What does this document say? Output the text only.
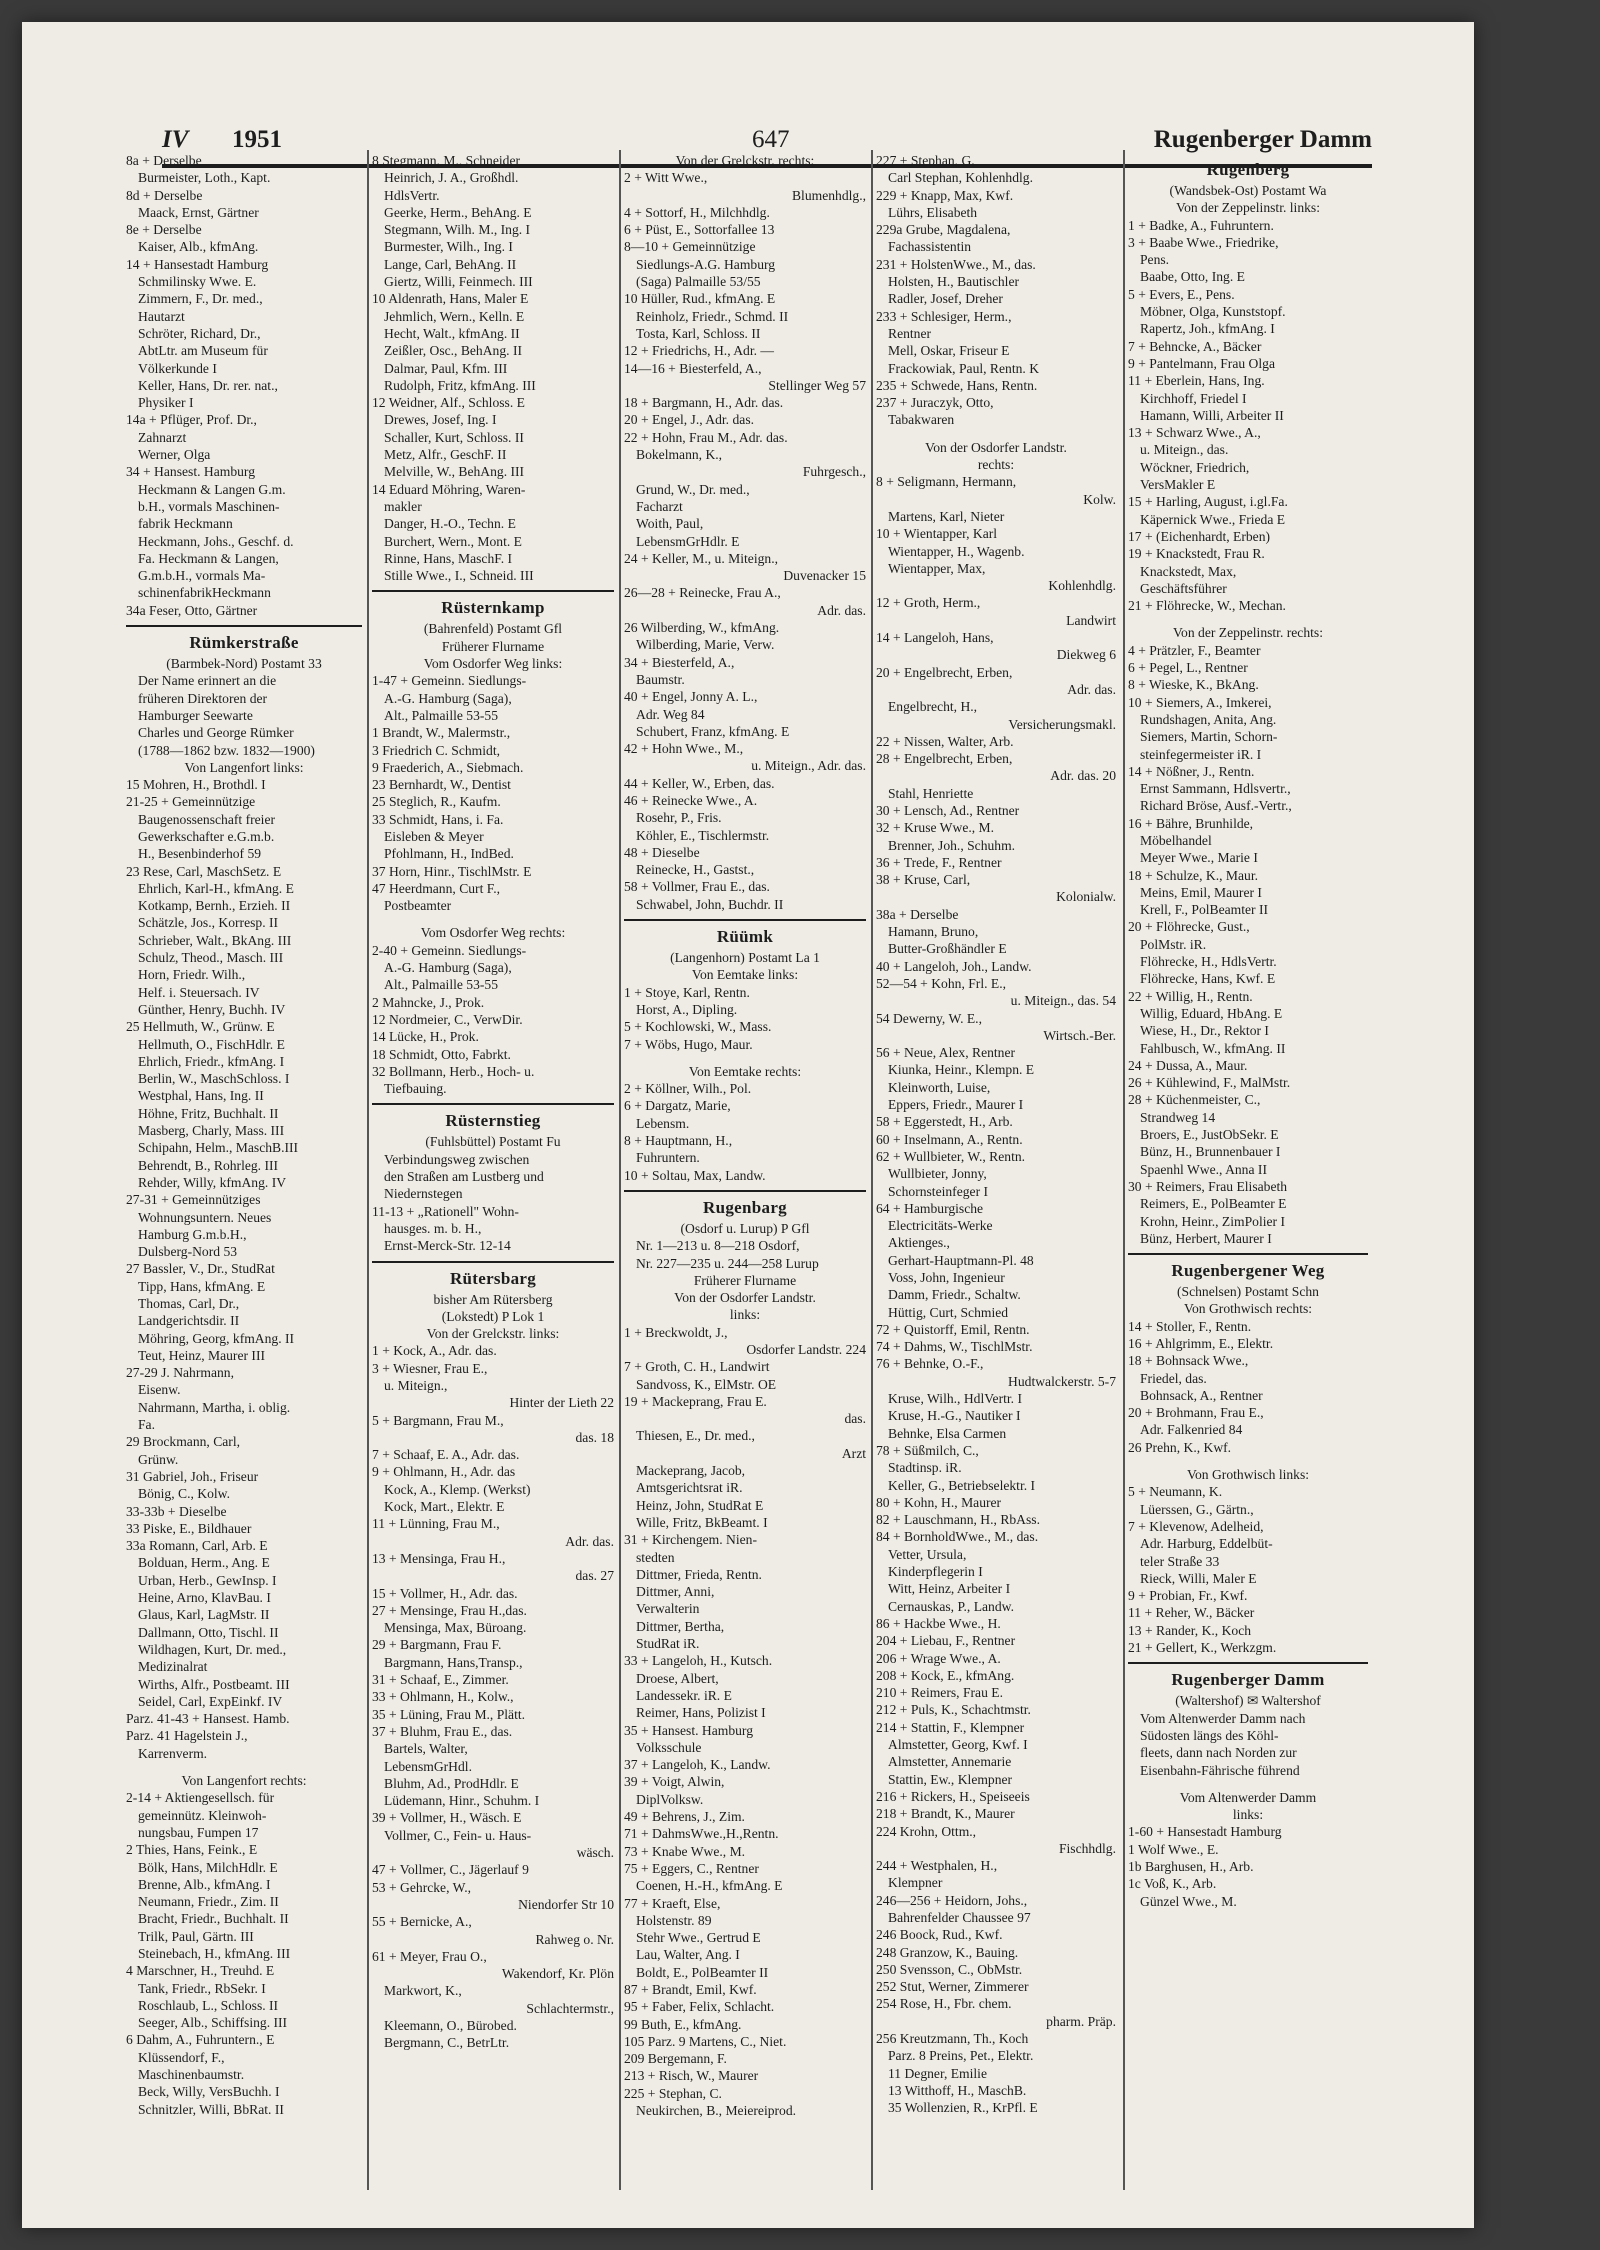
IV 1951	647	Rugenberger Damm
8a + Derselbe
Burmeister, Loth., Kapt.
8d + Derselbe
Maack, Ernst, Gärtner
8e + Derselbe
Kaiser, Alb., kfmAng.
14 + Hansestadt Hamburg
Schmilinsky Wwe. E.
Zimmern, F., Dr. med.,
Hautarzt
Schröter, Richard, Dr.,
AbtLtr. am Museum für
Völkerkunde I
Keller, Hans, Dr. rer. nat.,
Physiker I
14a + Pflüger, Prof. Dr.,
Zahnarzt
Werner, Olga
34 + Hansest. Hamburg
Heckmann & Langen G.m.
b.H., vormals Maschinen-
fabrik Heckmann
Heckmann, Johs., Geschf. d.
Fa. Heckmann & Langen,
G.m.b.H., vormals Ma-
schinenfabrikHeckmann
34a Feser, Otto, Gärtner
Rümkerstraße
(Barmbek-Nord) Postamt 33
Der Name erinnert an die
früheren Direktoren der
Hamburger Seewarte
Charles und George Rümker
(1788—1862 bzw. 1832—1900)
Von Langenfort links:
15 Mohren, H., Brothdl. I
21-25 + Gemeinnützige
Baugenossenschaft freier
Gewerkschafter e.G.m.b.
H., Besenbinderhof 59
23 Rese, Carl, MaschSetz. E
Ehrlich, Karl-H., kfmAng. E
Kotkamp, Bernh., Erzieh. II
Schätzle, Jos., Korresp. II
Schrieber, Walt., BkAng. III
Schulz, Theod., Masch. III
Horn, Friedr. Wilh.,
Helf. i. Steuersach. IV
Günther, Henry, Buchh. IV
25 Hellmuth, W., Grünw. E
Hellmuth, O., FischHdlr. E
Ehrlich, Friedr., kfmAng. I
Berlin, W., MaschSchloss. I
Westphal, Hans, Ing. II
Höhne, Fritz, Buchhalt. II
Masberg, Charly, Mass. III
Schipahn, Helm., MaschB.III
Behrendt, B., Rohrleg. III
Rehder, Willy, kfmAng. IV
27-31 + Gemeinnütziges
Wohnungsuntern. Neues
Hamburg G.m.b.H.,
Dulsberg-Nord 53
27 Bassler, V., Dr., StudRat
Tipp, Hans, kfmAng. E
Thomas, Carl, Dr.,
Landgerichtsdir. II
Möhring, Georg, kfmAng. II
Teut, Heinz, Maurer III
27-29 J. Nahrmann,
Eisenw.
Nahrmann, Martha, i. oblig.
Fa.
29 Brockmann, Carl,
Grünw.
31 Gabriel, Joh., Friseur
Bönig, C., Kolw.
33-33b + Dieselbe
33 Piske, E., Bildhauer
33a Romann, Carl, Arb. E
Bolduan, Herm., Ang. E
Urban, Herb., GewInsp. I
Heine, Arno, KlavBau. I
Glaus, Karl, LagMstr. II
Dallmann, Otto, Tischl. II
Wildhagen, Kurt, Dr. med.,
Medizinalrat
Wirths, Alfr., Postbeamt. III
Seidel, Carl, ExpEinkf. IV
Parz. 41-43 + Hansest. Hamb.
Parz. 41 Hagelstein J.,
Karrenverm.
Von Langenfort rechts:
2-14 + Aktiengesellsch. für
gemeinnütz. Kleinwoh-
nungsbau, Fumpen 17
2 Thies, Hans, Feink., E
Bölk, Hans, MilchHdlr. E
Brenne, Alb., kfmAng. I
Neumann, Friedr., Zim. II
Bracht, Friedr., Buchhalt. II
Trilk, Paul, Gärtn. III
Steinebach, H., kfmAng. III
4 Marschner, H., Treuhd. E
Tank, Friedr., RbSekr. I
Roschlaub, L., Schloss. II
Seeger, Alb., Schiffsing. III
6 Dahm, A., Fuhruntern., E
Klüssendorf, F.,
Maschinenbaumstr.
Beck, Willy, VersBuchh. I
Schnitzler, Willi, BbRat. II
8 Stegmann, M., Schneider
Heinrich, J. A., Großhdl.
HdlsVertr.
Geerke, Herm., BehAng. E
Stegmann, Wilh. M., Ing. I
Burmester, Wilh., Ing. I
Lange, Carl, BehAng. II
Giertz, Willi, Feinmech. III
10 Aldenrath, Hans, Maler E
Jehmlich, Wern., Kelln. E
Hecht, Walt., kfmAng. II
Zeißler, Osc., BehAng. II
Dalmar, Paul, Kfm. III
Rudolph, Fritz, kfmAng. III
12 Weidner, Alf., Schloss. E
Drewes, Josef, Ing. I
Schaller, Kurt, Schloss. II
Metz, Alfr., GeschF. II
Melville, W., BehAng. III
14 Eduard Möhring, Waren-
makler
Danger, H.-O., Techn. E
Burchert, Wern., Mont. E
Rinne, Hans, MaschF. I
Stille Wwe., I., Schneid. III
Rüsternkamp
(Bahrenfeld) Postamt Gfl
Früherer Flurname
Vom Osdorfer Weg links:
1-47 + Gemeinn. Siedlungs-
A.-G. Hamburg (Saga),
Alt., Palmaille 53-55
1 Brandt, W., Malermstr.,
3 Friedrich C. Schmidt,
9 Fraederich, A., Siebmach.
23 Bernhardt, W., Dentist
25 Steglich, R., Kaufm.
33 Schmidt, Hans, i. Fa.
Eisleben & Meyer
Pfohlmann, H., IndBed.
37 Horn, Hinr., TischlMstr. E
47 Heerdmann, Curt F.,
Postbeamter
Vom Osdorfer Weg rechts:
2-40 + Gemeinn. Siedlungs-
A.-G. Hamburg (Saga),
Alt., Palmaille 53-55
2 Mahncke, J., Prok.
12 Nordmeier, C., VerwDir.
14 Lücke, H., Prok.
18 Schmidt, Otto, Fabrkt.
32 Bollmann, Herb., Hoch- u.
Tiefbauing.
Rüsternstieg
(Fuhlsbüttel) Postamt Fu
Verbindungsweg zwischen
den Straßen am Lustberg und
Niedernstegen
11-13 + „Rationell" Wohn-
hausges. m. b. H.,
Ernst-Merck-Str. 12-14
Rütersbarg
bisher Am Rütersberg
(Lokstedt) P Lok 1
Von der Grelckstr. links:
1 + Kock, A., Adr. das.
3 + Wiesner, Frau E.,
u. Miteign.,
Hinter der Lieth 22
5 + Bargmann, Frau M.,
das. 18
7 + Schaaf, E. A., Adr. das.
9 + Ohlmann, H., Adr. das
Kock, A., Klemp. (Werkst)
Kock, Mart., Elektr. E
11 + Lünning, Frau M.,
Adr. das.
13 + Mensinga, Frau H.,
das. 27
15 + Vollmer, H., Adr. das.
27 + Mensinge, Frau H.,das.
Mensinga, Max, Büroang.
29 + Bargmann, Frau F.
Bargmann, Hans,Transp.,
31 + Schaaf, E., Zimmer.
33 + Ohlmann, H., Kolw.,
35 + Lüning, Frau M., Plätt.
37 + Bluhm, Frau E., das.
Bartels, Walter,
LebensmGrHdl.
Bluhm, Ad., ProdHdlr. E
Lüdemann, Hinr., Schuhm. I
39 + Vollmer, H., Wäsch. E
Vollmer, C., Fein- u. Haus-
wäsch.
47 + Vollmer, C., Jägerlauf 9
53 + Gehrcke, W.,
Niendorfer Str 10
55 + Bernicke, A.,
Rahweg o. Nr.
61 + Meyer, Frau O.,
Wakendorf, Kr. Plön
Markwort, K.,
Schlachtermstr.,
Kleemann, O., Bürobed.
Bergmann, C., BetrLtr.
Von der Grelckstr. rechts:
2 + Witt Wwe.,
Blumenhdlg.,
4 + Sottorf, H., Milchhdlg.
6 + Püst, E., Sottorfallee 13
8—10 + Gemeinnützige
Siedlungs-A.G. Hamburg
(Saga) Palmaille 53/55
10 Hüller, Rud., kfmAng. E
Reinholz, Friedr., Schmd. II
Tosta, Karl, Schloss. II
12 + Friedrichs, H., Adr. —
14—16 + Biesterfeld, A.,
Stellinger Weg 57
18 + Bargmann, H., Adr. das.
20 + Engel, J., Adr. das.
22 + Hohn, Frau M., Adr. das.
Bokelmann, K.,
Fuhrgesch.,
Grund, W., Dr. med.,
Facharzt
Woith, Paul,
LebensmGrHdlr. E
24 + Keller, M., u. Miteign.,
Duvenacker 15
26—28 + Reinecke, Frau A.,
Adr. das.
26 Wilberding, W., kfmAng.
Wilberding, Marie, Verw.
34 + Biesterfeld, A.,
Baumstr.
40 + Engel, Jonny A. L.,
Adr. Weg 84
Schubert, Franz, kfmAng. E
42 + Hohn Wwe., M.,
u. Miteign., Adr. das.
44 + Keller, W., Erben, das.
46 + Reinecke Wwe., A.
Rosehr, P., Fris.
Köhler, E., Tischlermstr.
48 + Dieselbe
Reinecke, H., Gastst.,
58 + Vollmer, Frau E., das.
Schwabel, John, Buchdr. II
Rüümk
(Langenhorn) Postamt La 1
Von Eemtake links:
1 + Stoye, Karl, Rentn.
Horst, A., Dipling.
5 + Kochlowski, W., Mass.
7 + Wöbs, Hugo, Maur.
Von Eemtake rechts:
2 + Köllner, Wilh., Pol.
6 + Dargatz, Marie,
Lebensm.
8 + Hauptmann, H.,
Fuhruntern.
10 + Soltau, Max, Landw.
Rugenbarg
(Osdorf u. Lurup) P Gfl
Nr. 1—213 u. 8—218 Osdorf,
Nr. 227—235 u. 244—258 Lurup
Früherer Flurname
Von der Osdorfer Landstr.
links:
1 + Breckwoldt, J.,
Osdorfer Landstr. 224
7 + Groth, C. H., Landwirt
Sandvoss, K., ElMstr. OE
19 + Mackeprang, Frau E.
das.
Thiesen, E., Dr. med.,
Arzt
Mackeprang, Jacob,
Amtsgerichtsrat iR.
Heinz, John, StudRat E
Wille, Fritz, BkBeamt. I
31 + Kirchengem. Nien-
stedten
Dittmer, Frieda, Rentn.
Dittmer, Anni,
Verwalterin
Dittmer, Bertha,
StudRat iR.
33 + Langeloh, H., Kutsch.
Droese, Albert,
Landessekr. iR. E
Reimer, Hans, Polizist I
35 + Hansest. Hamburg
Volksschule
37 + Langeloh, K., Landw.
39 + Voigt, Alwin,
DiplVolksw.
49 + Behrens, J., Zim.
71 + DahmsWwe.,H.,Rentn.
73 + Knabe Wwe., M.
75 + Eggers, C., Rentner
Coenen, H.-H., kfmAng. E
77 + Kraeft, Else,
Holstenstr. 89
Stehr Wwe., Gertrud E
Lau, Walter, Ang. I
Boldt, E., PolBeamter II
87 + Brandt, Emil, Kwf.
95 + Faber, Felix, Schlacht.
99 Buth, E., kfmAng.
105 Parz. 9 Martens, C., Niet.
209 Bergemann, F.
213 + Risch, W., Maurer
225 + Stephan, C.
Neukirchen, B., Meiereiprod.
227 + Stephan, G.
Carl Stephan, Kohlenhdlg.
229 + Knapp, Max, Kwf.
Lührs, Elisabeth
229a Grube, Magdalena,
Fachassistentin
231 + HolstenWwe., M., das.
Holsten, H., Bautischler
Radler, Josef, Dreher
233 + Schlesiger, Herm.,
Rentner
Mell, Oskar, Friseur E
Frackowiak, Paul, Rentn. K
235 + Schwede, Hans, Rentn.
237 + Juraczyk, Otto,
Tabakwaren
Von der Osdorfer Landstr.
rechts:
8 + Seligmann, Hermann,
Kolw.
Martens, Karl, Nieter
10 + Wientapper, Karl
Wientapper, H., Wagenb.
Wientapper, Max,
Kohlenhdlg.
12 + Groth, Herm.,
Landwirt
14 + Langeloh, Hans,
Diekweg 6
20 + Engelbrecht, Erben,
Adr. das.
Engelbrecht, H.,
Versicherungsmakl.
22 + Nissen, Walter, Arb.
28 + Engelbrecht, Erben,
Adr. das. 20
Stahl, Henriette
30 + Lensch, Ad., Rentner
32 + Kruse Wwe., M.
Brenner, Joh., Schuhm.
36 + Trede, F., Rentner
38 + Kruse, Carl,
Kolonialw.
38a + Derselbe
Hamann, Bruno,
Butter-Großhändler E
40 + Langeloh, Joh., Landw.
52—54 + Kohn, Frl. E.,
u. Miteign., das. 54
54 Dewerny, W. E.,
Wirtsch.-Ber.
56 + Neue, Alex, Rentner
Kiunka, Heinr., Klempn. E
Kleinworth, Luise,
Eppers, Friedr., Maurer I
58 + Eggerstedt, H., Arb.
60 + Inselmann, A., Rentn.
62 + Wullbieter, W., Rentn.
Wullbieter, Jonny,
Schornsteinfeger I
64 + Hamburgische
Electricitäts-Werke
Aktienges.,
Gerhart-Hauptmann-Pl. 48
Voss, John, Ingenieur
Damm, Friedr., Schaltw.
Hüttig, Curt, Schmied
72 + Quistorff, Emil, Rentn.
74 + Dahms, W., TischlMstr.
76 + Behnke, O.-F.,
Hudtwalckerstr. 5-7
Kruse, Wilh., HdlVertr. I
Kruse, H.-G., Nautiker I
Behnke, Elsa Carmen
78 + Süßmilch, C.,
Stadtinsp. iR.
Keller, G., Betriebselektr. I
80 + Kohn, H., Maurer
82 + Lauschmann, H., RbAss.
84 + BornholdWwe., M., das.
Vetter, Ursula,
Kinderpflegerin I
Witt, Heinz, Arbeiter I
Cernauskas, P., Landw.
86 + Hackbe Wwe., H.
204 + Liebau, F., Rentner
206 + Wrage Wwe., A.
208 + Kock, E., kfmAng.
210 + Reimers, Frau E.
212 + Puls, K., Schachtmstr.
214 + Stattin, F., Klempner
Almstetter, Georg, Kwf. I
Almstetter, Annemarie
Stattin, Ew., Klempner
216 + Rickers, H., Speiseeis
218 + Brandt, K., Maurer
224 Krohn, Ottm.,
Fischhdlg.
244 + Westphalen, H.,
Klempner
246—256 + Heidorn, Johs.,
Bahrenfelder Chaussee 97
246 Boock, Rud., Kwf.
248 Granzow, K., Bauing.
250 Svensson, C., ObMstr.
252 Stut, Werner, Zimmerer
254 Rose, H., Fbr. chem.
pharm. Präp.
256 Kreutzmann, Th., Koch
Parz. 8 Preins, Pet., Elektr.
11 Degner, Emilie
13 Witthoff, H., MaschB.
35 Wollenzien, R., KrPfl. E
Rugenberg
(Wandsbek-Ost) Postamt Wa
Von der Zeppelinstr. links:
1 + Badke, A., Fuhruntern.
3 + Baabe Wwe., Friedrike,
Pens.
Baabe, Otto, Ing. E
5 + Evers, E., Pens.
Möbner, Olga, Kunststopf.
Rapertz, Joh., kfmAng. I
7 + Behncke, A., Bäcker
9 + Pantelmann, Frau Olga
11 + Eberlein, Hans, Ing.
Kirchhoff, Friedel I
Hamann, Willi, Arbeiter II
13 + Schwarz Wwe., A.,
u. Miteign., das.
Wöckner, Friedrich,
VersMakler E
15 + Harling, August, i.gl.Fa.
Käpernick Wwe., Frieda E
17 + (Eichenhardt, Erben)
19 + Knackstedt, Frau R.
Knackstedt, Max,
Geschäftsführer
21 + Flöhrecke, W., Mechan.
Von der Zeppelinstr. rechts:
4 + Prätzler, F., Beamter
6 + Pegel, L., Rentner
8 + Wieske, K., BkAng.
10 + Siemers, A., Imkerei,
Rundshagen, Anita, Ang.
Siemers, Martin, Schorn-
steinfegermeister iR. I
14 + Nößner, J., Rentn.
Ernst Sammann, Hdlsvertr.,
Richard Bröse, Ausf.-Vertr.,
16 + Bähre, Brunhilde,
Möbelhandel
Meyer Wwe., Marie I
18 + Schulze, K., Maur.
Meins, Emil, Maurer I
Krell, F., PolBeamter II
20 + Flöhrecke, Gust.,
PolMstr. iR.
Flöhrecke, H., HdlsVertr.
Flöhrecke, Hans, Kwf. E
22 + Willig, H., Rentn.
Willig, Eduard, HbAng. E
Wiese, H., Dr., Rektor I
Fahlbusch, W., kfmAng. II
24 + Dussa, A., Maur.
26 + Kühlewind, F., MalMstr.
28 + Küchenmeister, C.,
Strandweg 14
Broers, E., JustObSekr. E
Bünz, H., Brunnenbauer I
Spaenhl Wwe., Anna II
30 + Reimers, Frau Elisabeth
Reimers, E., PolBeamter E
Krohn, Heinr., ZimPolier I
Bünz, Herbert, Maurer I
Rugenbergener Weg
(Schnelsen) Postamt Schn
Von Grothwisch rechts:
14 + Stoller, F., Rentn.
16 + Ahlgrimm, E., Elektr.
18 + Bohnsack Wwe.,
Friedel, das.
Bohnsack, A., Rentner
20 + Brohmann, Frau E.,
Adr. Falkenried 84
26 Prehn, K., Kwf.
Von Grothwisch links:
5 + Neumann, K.
Lüerssen, G., Gärtn.,
7 + Klevenow, Adelheid,
Adr. Harburg, Eddelbüt-
teler Straße 33
Rieck, Willi, Maler E
9 + Probian, Fr., Kwf.
11 + Reher, W., Bäcker
13 + Rander, K., Koch
21 + Gellert, K., Werkzgm.
Rugenberger Damm
(Waltershof) ✉ Waltershof
Vom Altenwerder Damm nach
Südosten längs des Köhl-
fleets, dann nach Norden zur
Eisenbahn-Fährische führend
Vom Altenwerder Damm
links:
1-60 + Hansestadt Hamburg
1 Wolf Wwe., E.
1b Barghusen, H., Arb.
1c Voß, K., Arb.
Günzel Wwe., M.
